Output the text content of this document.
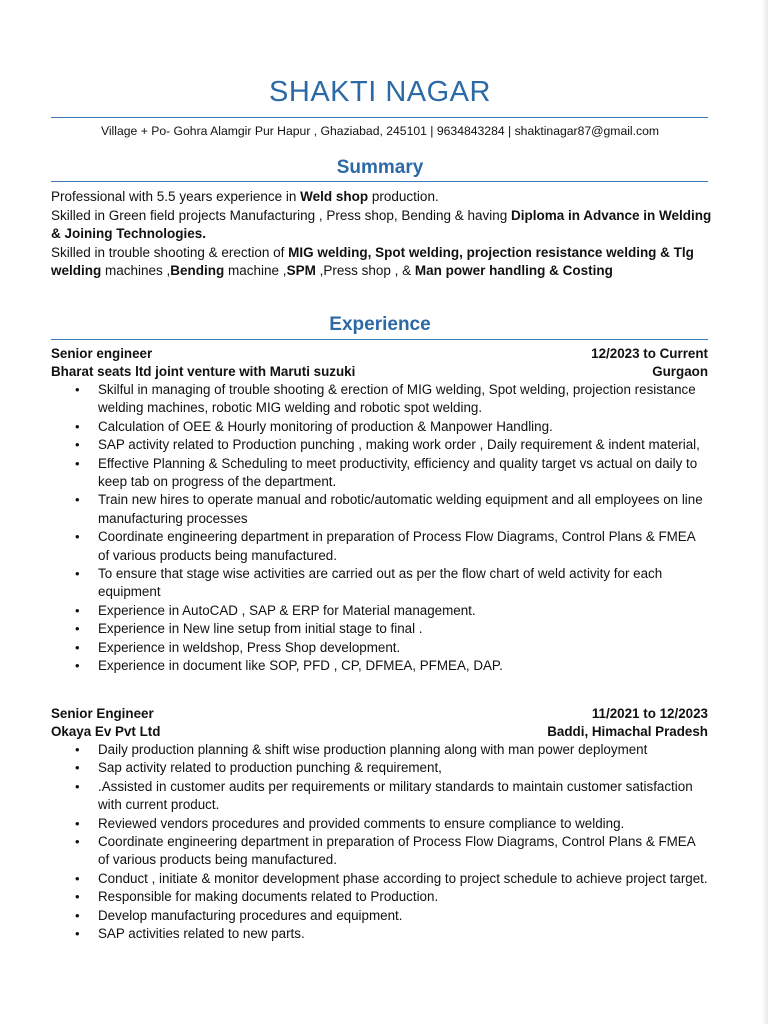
SHAKTI NAGAR
Village + Po- Gohra Alamgir Pur Hapur , Ghaziabad, 245101 | 9634843284 | shaktinagar87@gmail.com
Summary

Professional with 5.5 years experience in Weld shop production.

Skilled in Green field projects Manufacturing , Press shop, Bending & having Diploma in Advance in Welding & Joining Technologies.

Skilled in trouble shooting & erection of MIG welding, Spot welding, projection resistance welding & Tlg welding machines ,Bending machine ,SPM ,Press shop , & Man power handling & Costing

Experience
Senior engineer	12/2023 to Current
Bharat seats ltd joint venture with Maruti suzuki	Gurgaon
• Skilful in managing of trouble shooting & erection of MIG welding, Spot welding, projection resistance welding machines, robotic MIG welding and robotic spot welding.
• Calculation of OEE & Hourly monitoring of production & Manpower Handling.
• SAP activity related to Production punching , making work order , Daily requirement & indent material,
• Effective Planning & Scheduling to meet productivity, efficiency and quality target vs actual on daily to keep tab on progress of the department.
• Train new hires to operate manual and robotic/automatic welding equipment and all employees on line manufacturing processes
• Coordinate engineering department in preparation of Process Flow Diagrams, Control Plans & FMEA of various products being manufactured.
• To ensure that stage wise activities are carried out as per the flow chart of weld activity for each equipment
• Experience in AutoCAD , SAP & ERP for Material management.
• Experience in New line setup from initial stage to final .
• Experience in weldshop, Press Shop development.
• Experience in document like SOP, PFD , CP, DFMEA, PFMEA, DAP.
Senior Engineer	11/2021 to 12/2023
Okaya Ev Pvt Ltd	Baddi, Himachal Pradesh
• Daily production planning & shift wise production planning along with man power deployment
• Sap activity related to production punching & requirement,
• .Assisted in customer audits per requirements or military standards to maintain customer satisfaction with current product.
• Reviewed vendors procedures and provided comments to ensure compliance to welding.
• Coordinate engineering department in preparation of Process Flow Diagrams, Control Plans & FMEA of various products being manufactured.
• Conduct , initiate & monitor development phase according to project schedule to achieve project target.
• Responsible for making documents related to Production.
• Develop manufacturing procedures and equipment.
• SAP activities related to new parts.
